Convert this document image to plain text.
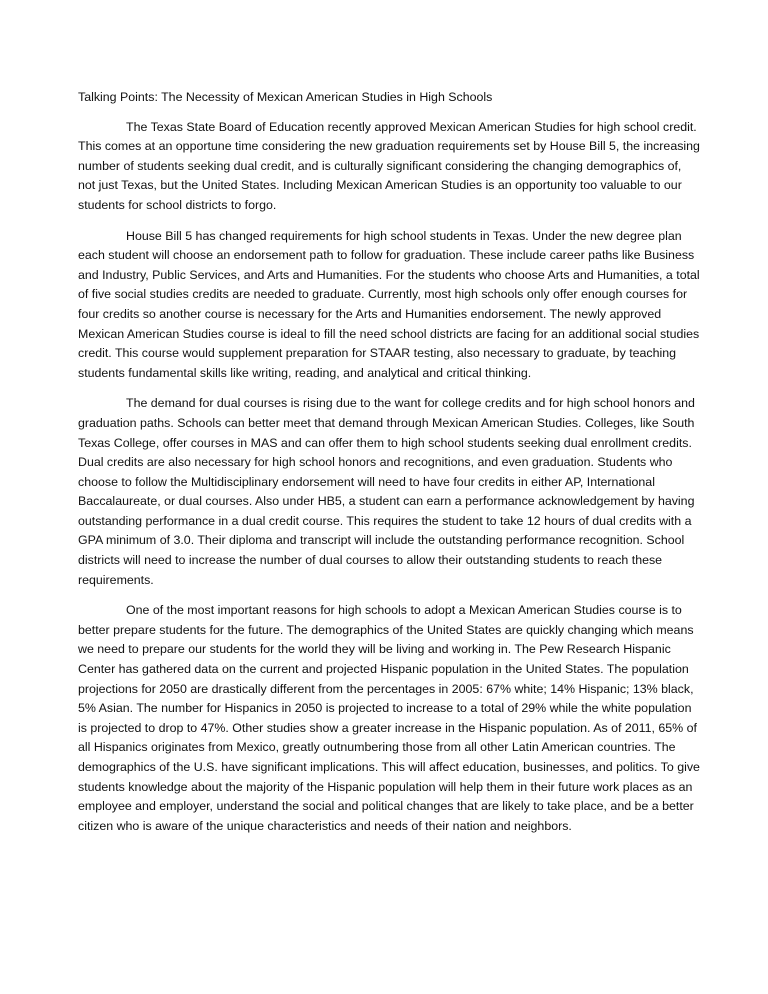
Talking Points: The Necessity of Mexican American Studies in High Schools

The Texas State Board of Education recently approved Mexican American Studies for high school credit. This comes at an opportune time considering the new graduation requirements set by House Bill 5, the increasing number of students seeking dual credit, and is culturally significant considering the changing demographics of, not just Texas, but the United States. Including Mexican American Studies is an opportunity too valuable to our students for school districts to forgo.

House Bill 5 has changed requirements for high school students in Texas. Under the new degree plan each student will choose an endorsement path to follow for graduation. These include career paths like Business and Industry, Public Services, and Arts and Humanities. For the students who choose Arts and Humanities, a total of five social studies credits are needed to graduate. Currently, most high schools only offer enough courses for four credits so another course is necessary for the Arts and Humanities endorsement. The newly approved Mexican American Studies course is ideal to fill the need school districts are facing for an additional social studies credit. This course would supplement preparation for STAAR testing, also necessary to graduate, by teaching students fundamental skills like writing, reading, and analytical and critical thinking.

The demand for dual courses is rising due to the want for college credits and for high school honors and graduation paths. Schools can better meet that demand through Mexican American Studies. Colleges, like South Texas College, offer courses in MAS and can offer them to high school students seeking dual enrollment credits. Dual credits are also necessary for high school honors and recognitions, and even graduation. Students who choose to follow the Multidisciplinary endorsement will need to have four credits in either AP, International Baccalaureate, or dual courses. Also under HB5, a student can earn a performance acknowledgement by having outstanding performance in a dual credit course. This requires the student to take 12 hours of dual credits with a GPA minimum of 3.0. Their diploma and transcript will include the outstanding performance recognition. School districts will need to increase the number of dual courses to allow their outstanding students to reach these requirements.

One of the most important reasons for high schools to adopt a Mexican American Studies course is to better prepare students for the future. The demographics of the United States are quickly changing which means we need to prepare our students for the world they will be living and working in. The Pew Research Hispanic Center has gathered data on the current and projected Hispanic population in the United States. The population projections for 2050 are drastically different from the percentages in 2005: 67% white; 14% Hispanic; 13% black, 5% Asian. The number for Hispanics in 2050 is projected to increase to a total of 29% while the white population is projected to drop to 47%. Other studies show a greater increase in the Hispanic population. As of 2011, 65% of all Hispanics originates from Mexico, greatly outnumbering those from all other Latin American countries. The demographics of the U.S. have significant implications. This will affect education, businesses, and politics. To give students knowledge about the majority of the Hispanic population will help them in their future work places as an employee and employer, understand the social and political changes that are likely to take place, and be a better citizen who is aware of the unique characteristics and needs of their nation and neighbors.
